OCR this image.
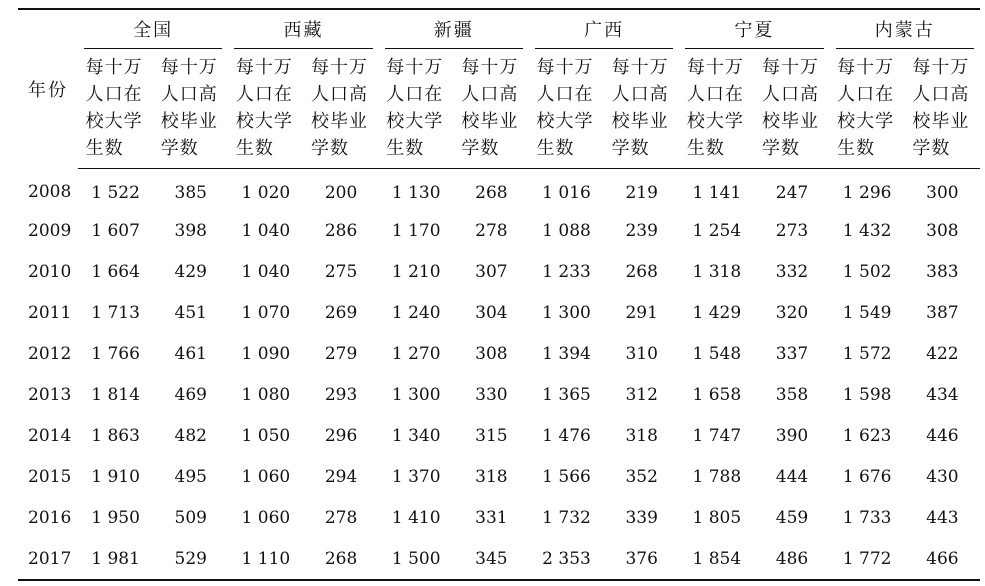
年份	全国		西藏		新疆		广西		宁夏		内蒙古	

	每十万人口在校大学生数	每十万人口高校毕业学数	每十万人口在校大学生数	每十万人口高校毕业学数	每十万人口在校大学生数	每十万人口高校毕业学数	每十万人口在校大学生数	每十万人口高校毕业学数	每十万人口在校大学生数	每十万人口高校毕业学数	每十万人口在校大学生数	每十万人口高校毕业学数
2008	1 522	385	1 020	200	1 130	268	1 016	219	1 141	247	1 296	300
2009	1 607	398	1 040	286	1 170	278	1 088	239	1 254	273	1 432	308
2010	1 664	429	1 040	275	1 210	307	1 233	268	1 318	332	1 502	383
2011	1 713	451	1 070	269	1 240	304	1 300	291	1 429	320	1 549	387
2012	1 766	461	1 090	279	1 270	308	1 394	310	1 548	337	1 572	422
2013	1 814	469	1 080	293	1 300	330	1 365	312	1 658	358	1 598	434
2014	1 863	482	1 050	296	1 340	315	1 476	318	1 747	390	1 623	446
2015	1 910	495	1 060	294	1 370	318	1 566	352	1 788	444	1 676	430
2016	1 950	509	1 060	278	1 410	331	1 732	339	1 805	459	1 733	443
2017	1 981	529	1 110	268	1 500	345	2 353	376	1 854	486	1 772	466
